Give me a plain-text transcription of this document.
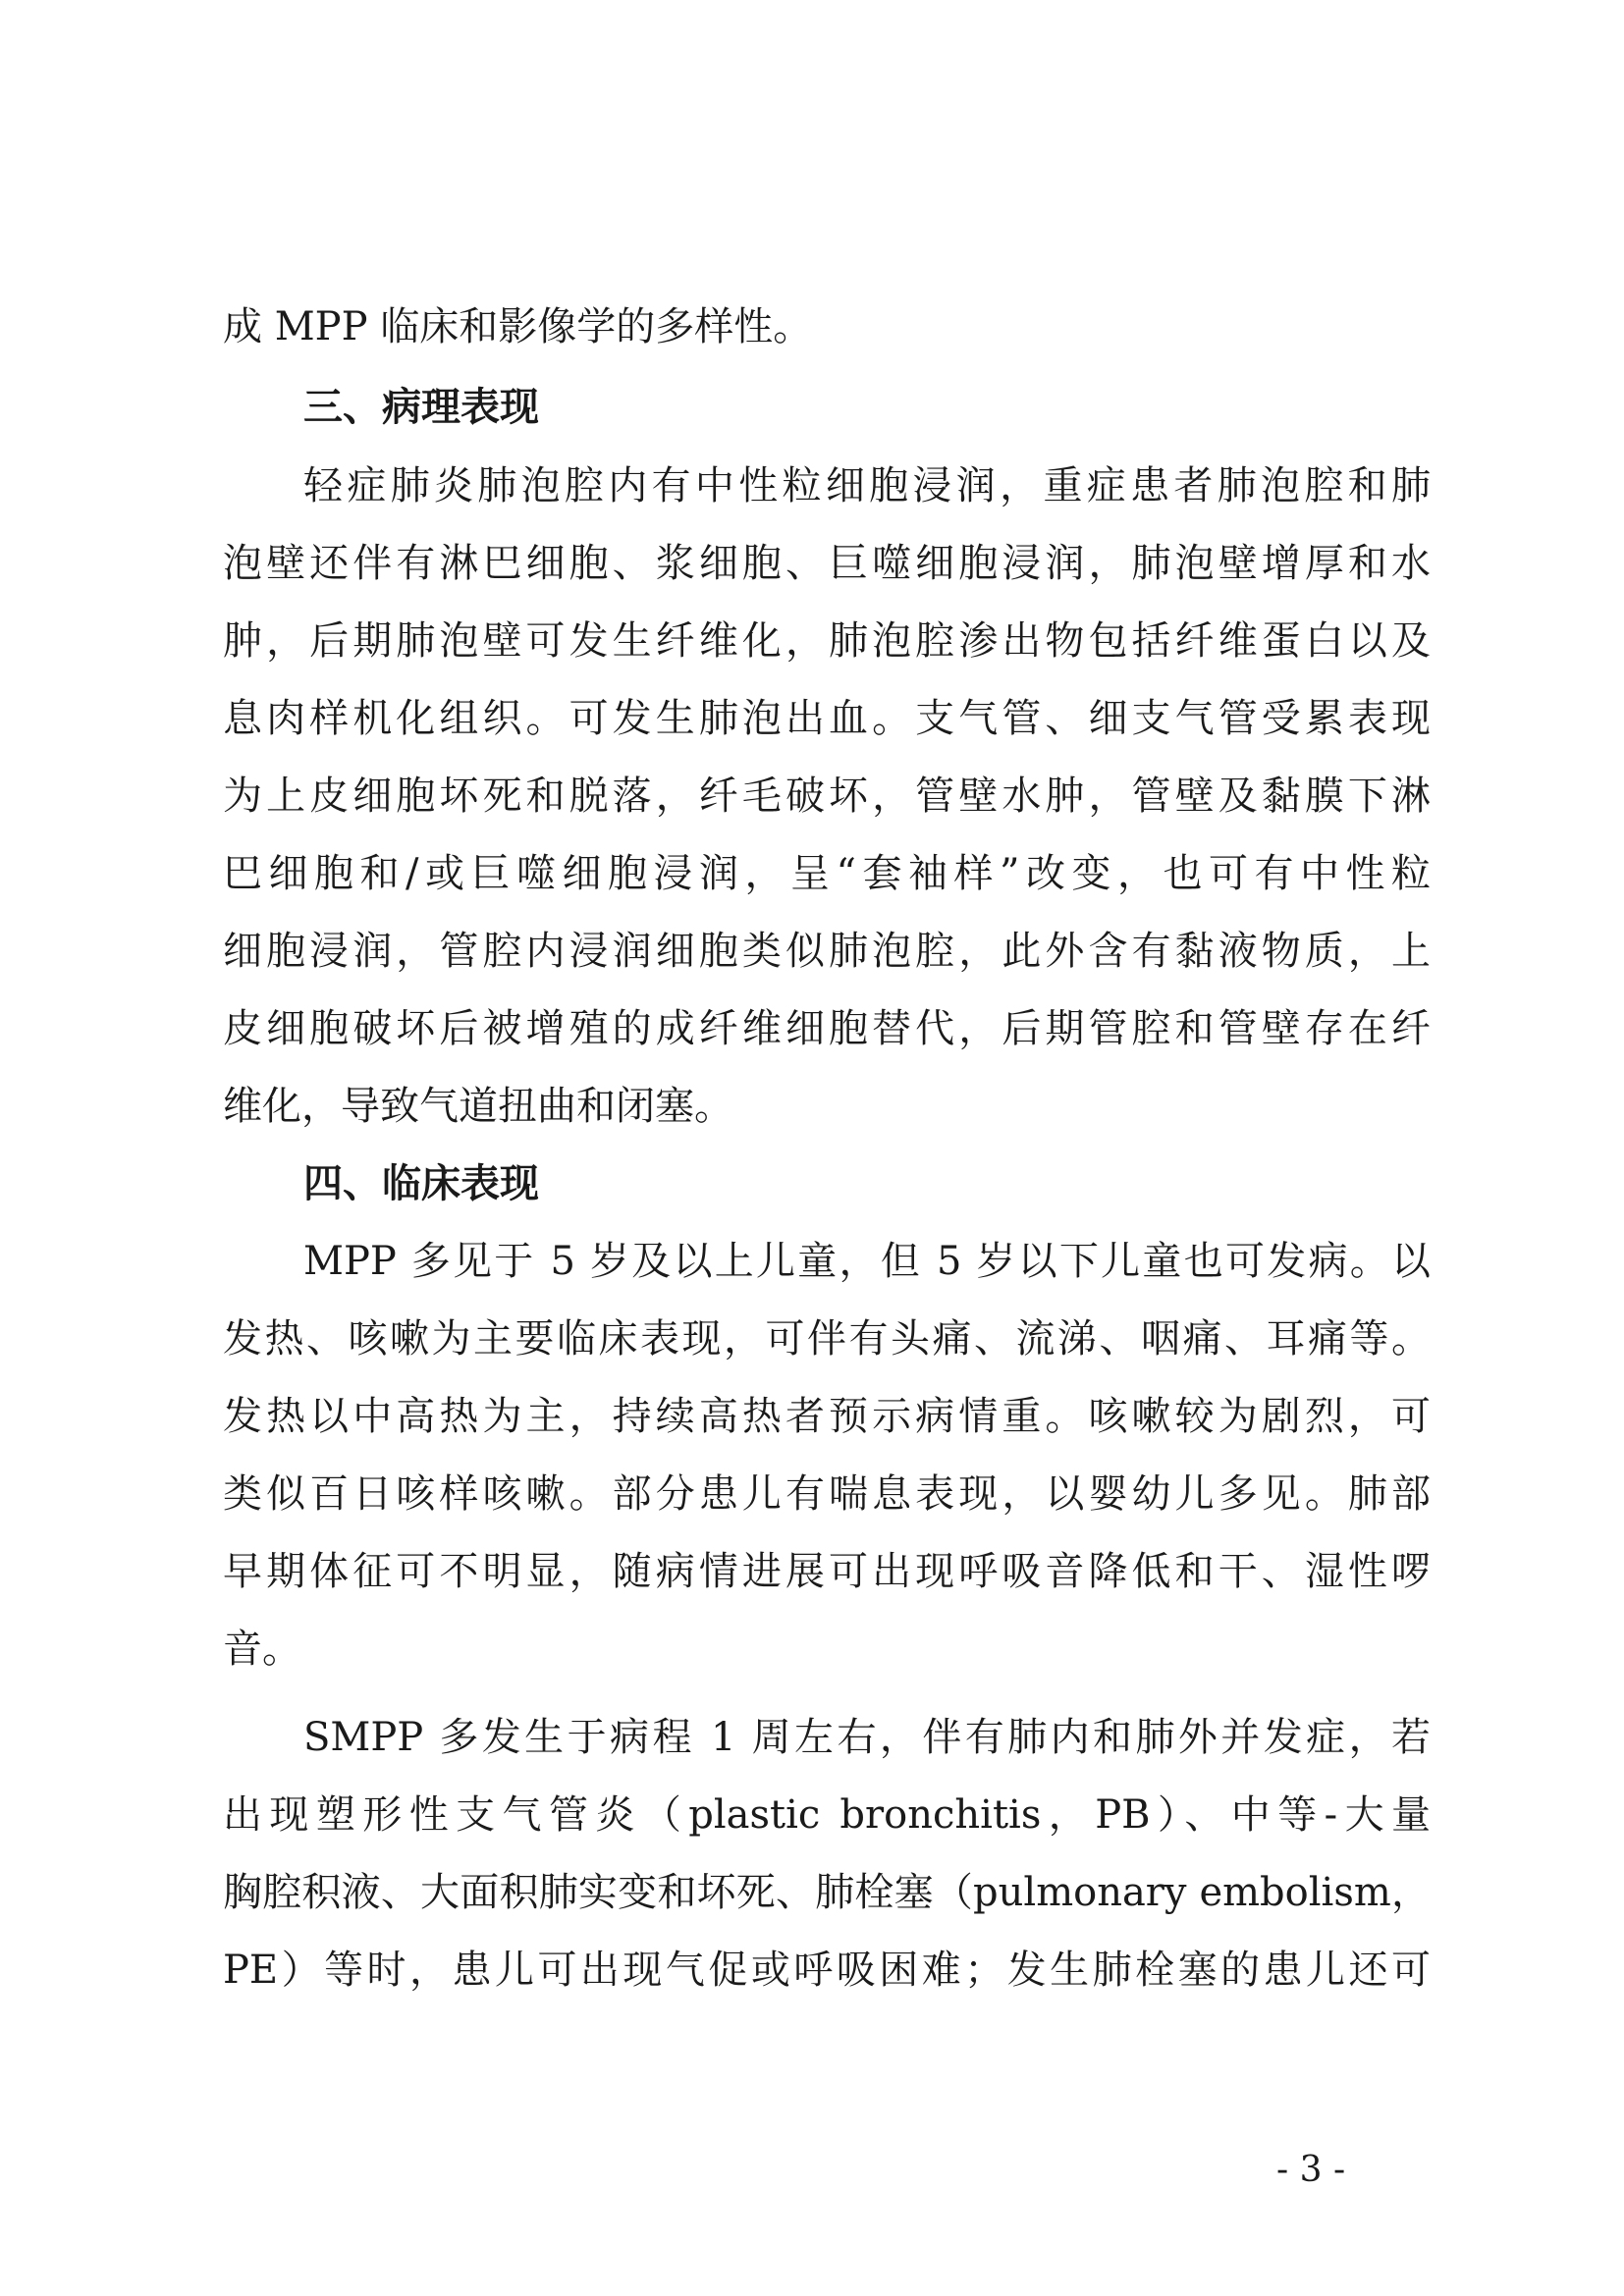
成 MPP 临床和影像学的多样性。
三、病理表现
轻症肺炎肺泡腔内有中性粒细胞浸润，重症患者肺泡腔和肺
泡壁还伴有淋巴细胞、浆细胞、巨噬细胞浸润，肺泡壁增厚和水
肿，后期肺泡壁可发生纤维化，肺泡腔渗出物包括纤维蛋白以及
息肉样机化组织。可发生肺泡出血。支气管、细支气管受累表现
为上皮细胞坏死和脱落，纤毛破坏，管壁水肿，管壁及黏膜下淋
巴细胞和/或巨噬细胞浸润，呈“套袖样”改变，也可有中性粒
细胞浸润，管腔内浸润细胞类似肺泡腔，此外含有黏液物质，上
皮细胞破坏后被增殖的成纤维细胞替代，后期管腔和管壁存在纤
维化，导致气道扭曲和闭塞。
四、临床表现
MPP 多见于 5 岁及以上儿童，但 5 岁以下儿童也可发病。以
发热、咳嗽为主要临床表现，可伴有头痛、流涕、咽痛、耳痛等。
发热以中高热为主，持续高热者预示病情重。咳嗽较为剧烈，可
类似百日咳样咳嗽。部分患儿有喘息表现，以婴幼儿多见。肺部
早期体征可不明显，随病情进展可出现呼吸音降低和干、湿性啰
音。
SMPP 多发生于病程 1 周左右，伴有肺内和肺外并发症，若
出现塑形性支气管炎（plastic bronchitis，PB）、中等-大量
胸腔积液、大面积肺实变和坏死、肺栓塞（pulmonary embolism，
PE）等时，患儿可出现气促或呼吸困难；发生肺栓塞的患儿还可
- 3 -
